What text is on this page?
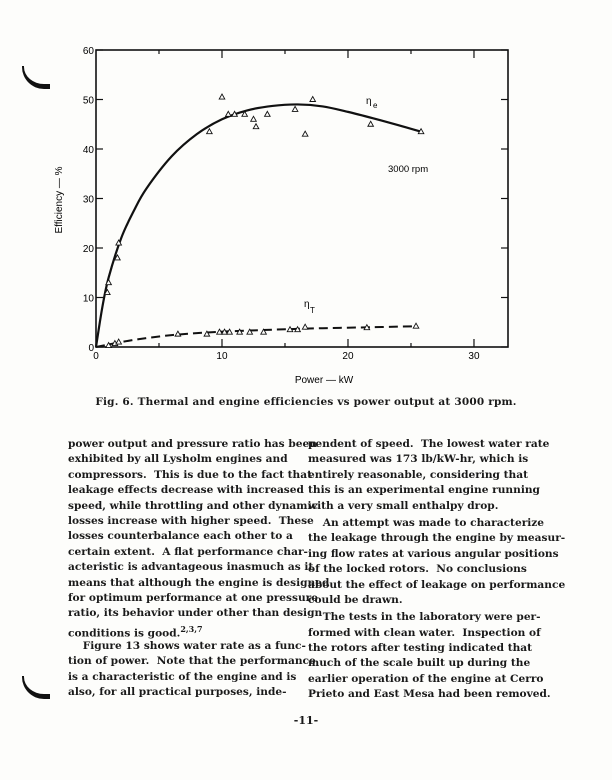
0
10
20
30
40
50
60
0	10	20	30
Power — kW
Efficiency — %	3000 rpm
η e
η
T
Fig. 6. Thermal and engine efficiencies vs power output at 3000 rpm.
power output and pressure ratio has been
exhibited by all Lysholm engines and
compressors.  This is due to the fact that
leakage effects decrease with increased
speed, while throttling and other dynamic
losses increase with higher speed.  These
losses counterbalance each other to a
certain extent.  A flat performance char-
acteristic is advantageous inasmuch as it
means that although the engine is designed
for optimum performance at one pressure
ratio, its behavior under other than design
conditions is good.$^{2,3,7}$
Figure 13 shows water rate as a func-
tion of power.  Note that the performance
is a characteristic of the engine and is
also, for all practical purposes, inde-
pendent of speed.  The lowest water rate
measured was 173 lb/kW-hr, which is
entirely reasonable, considering that
this is an experimental engine running
with a very small enthalpy drop.
An attempt was made to characterize
the leakage through the engine by measur-
ing flow rates at various angular positions
of the locked rotors.  No conclusions
about the effect of leakage on performance
could be drawn.
The tests in the laboratory were per-
formed with clean water.  Inspection of
the rotors after testing indicated that
much of the scale built up during the
earlier operation of the engine at Cerro
Prieto and East Mesa had been removed.
-11-
